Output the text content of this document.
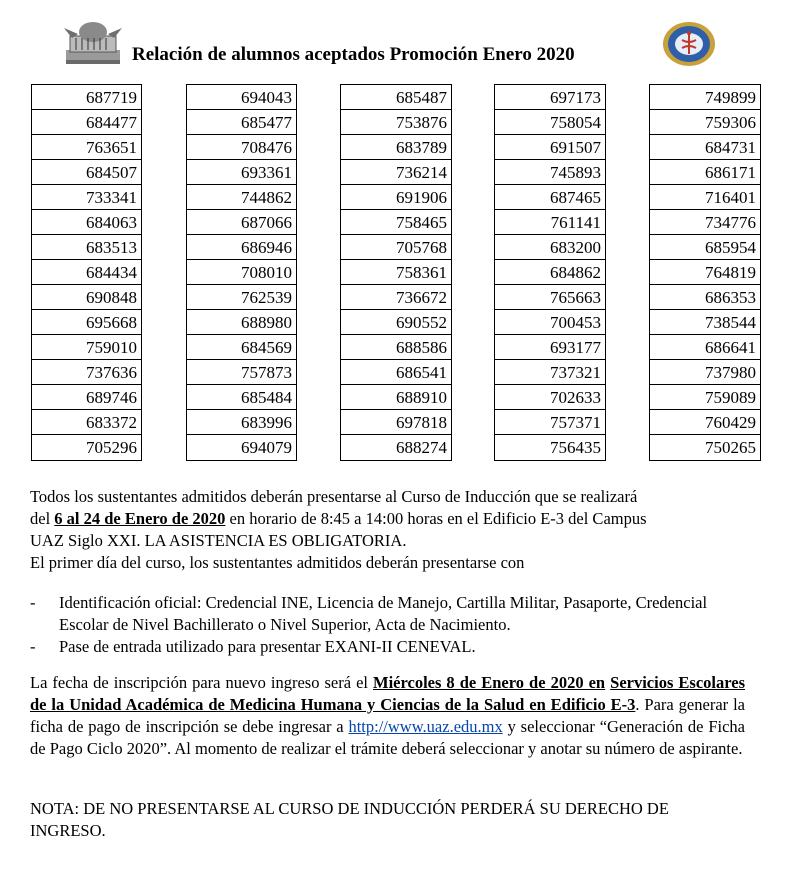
Relación de alumnos aceptados Promoción Enero 2020
687719
684477
763651
684507
733341
684063
683513
684434
690848
695668
759010
737636
689746
683372
705296
694043
685477
708476
693361
744862
687066
686946
708010
762539
688980
684569
757873
685484
683996
694079
685487
753876
683789
736214
691906
758465
705768
758361
736672
690552
688586
686541
688910
697818
688274
697173
758054
691507
745893
687465
761141
683200
684862
765663
700453
693177
737321
702633
757371
756435
749899
759306
684731
686171
716401
734776
685954
764819
686353
738544
686641
737980
759089
760429
750265
Todos los sustentantes admitidos deberán presentarse al Curso de Inducción que se realizará
del 6 al 24 de Enero de 2020 en horario de 8:45 a 14:00 horas en el Edificio E-3 del Campus
UAZ Siglo XXI. LA ASISTENCIA ES OBLIGATORIA.
El primer día del curso, los sustentantes admitidos deberán presentarse con
- Identificación oficial: Credencial INE, Licencia de Manejo, Cartilla Militar, Pasaporte, Credencial Escolar de Nivel Bachillerato o Nivel Superior, Acta de Nacimiento.
- Pase de entrada utilizado para presentar EXANI-II CENEVAL.
La fecha de inscripción para nuevo ingreso será el Miércoles 8 de Enero de 2020 en Servicios Escolares de la Unidad Académica de Medicina Humana y Ciencias de la Salud en Edificio E-3. Para generar la ficha de pago de inscripción se debe ingresar a http://www.uaz.edu.mx y seleccionar “Generación de Ficha de Pago Ciclo 2020”. Al momento de realizar el trámite deberá seleccionar y anotar su número de aspirante.
NOTA: DE NO PRESENTARSE AL CURSO DE INDUCCIÓN PERDERÁ SU DERECHO DE INGRESO.
